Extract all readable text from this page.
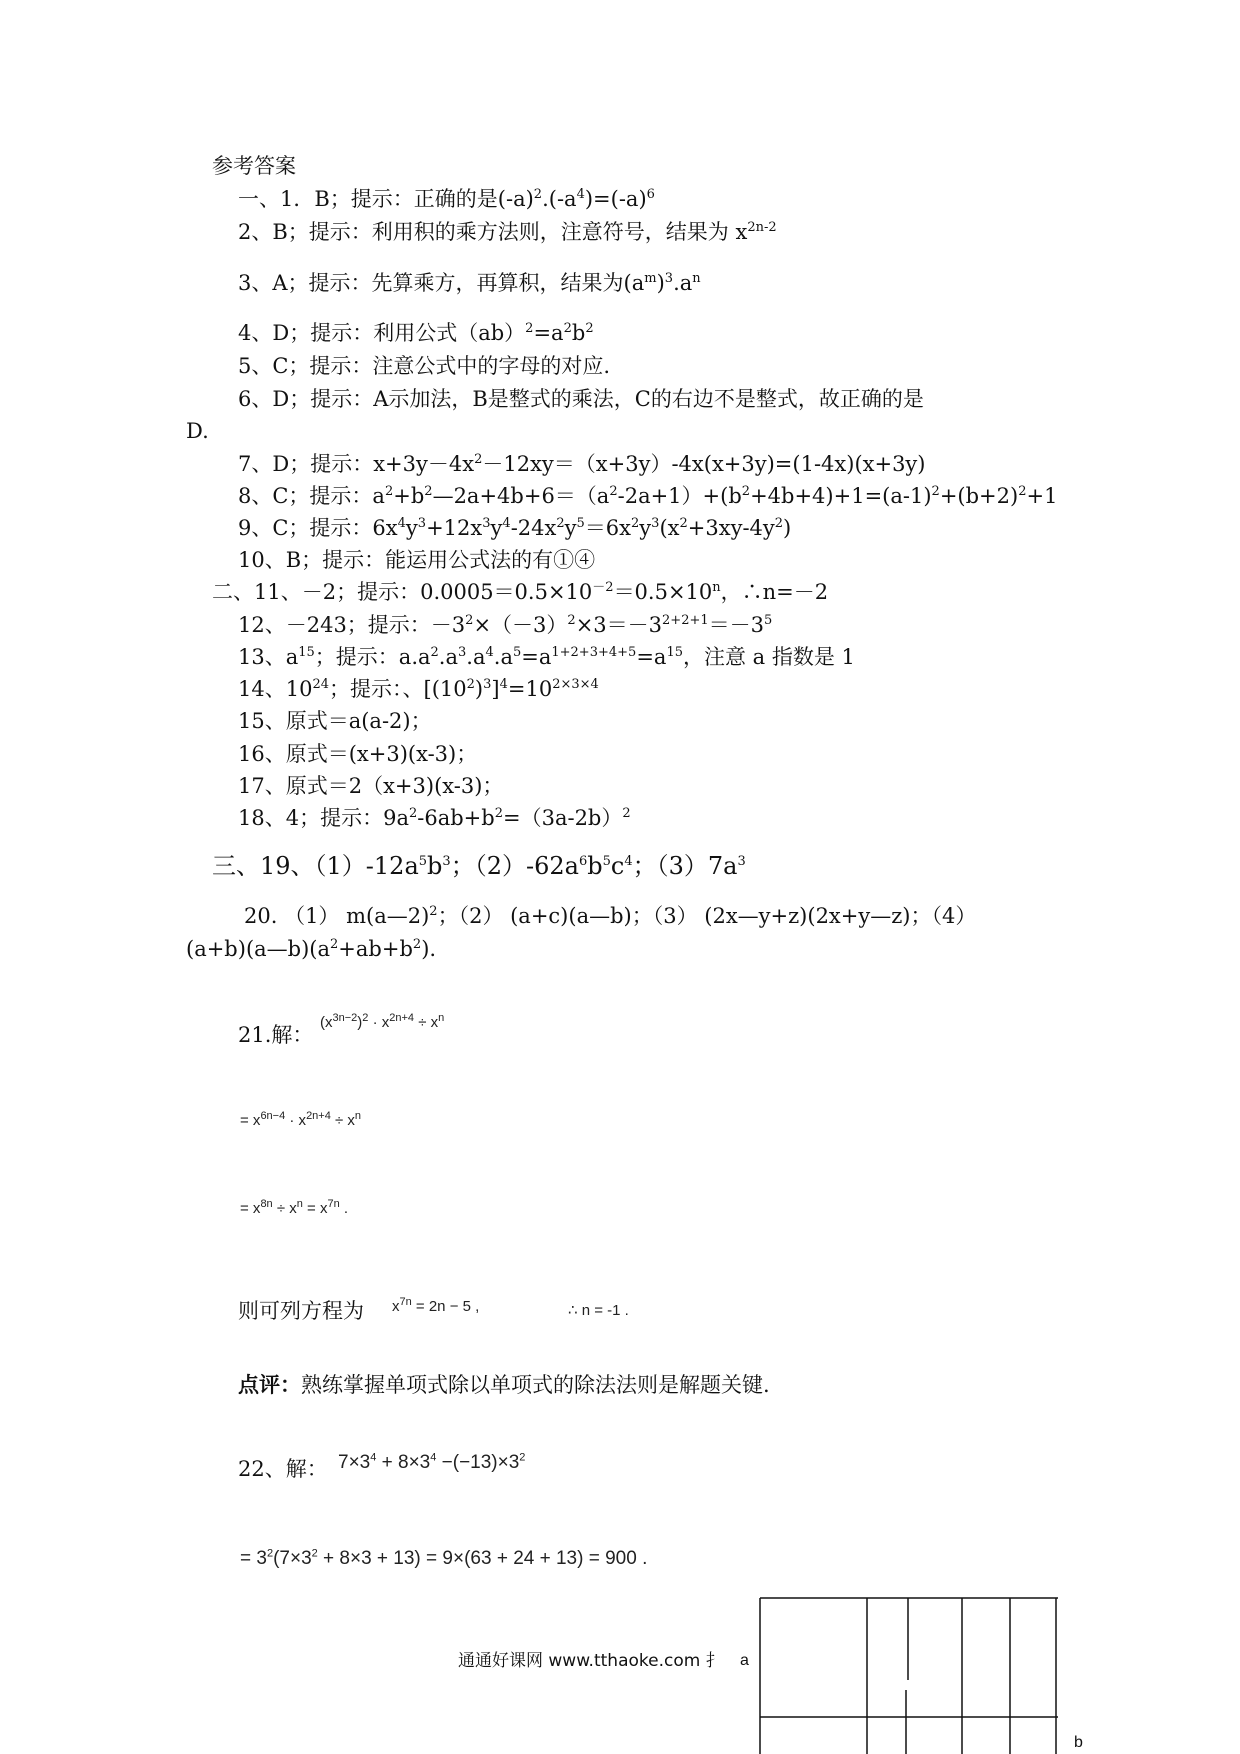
参考答案
一、1．B；提示：正确的是$(-a)^2.(-a^4)=(-a)^6$
2、B；提示：利用积的乘方法则，注意符号，结果为 $x^{2n-2}$
3、A；提示：先算乘方，再算积，结果为$(a^m)^3.a^n$
4、D；提示：利用公式$(ab)^2=a^2b^2$
5、C；提示：注意公式中的字母的对应.
6、D；提示：A示加法，B是整式的乘法，C的右边不是整式，故正确的是
D.
7、D；提示：$x+3y-4x^2-12xy=(x+3y)-4x(x+3y)=(1-4x)(x+3y)$
8、C；提示：$a^2+b^2—2a+4b+6=(a^2-2a+1)+(b^2+4b+4)+1=(a-1)^2+(b+2)^2+1$
9、C；提示：$6x^4y^3+12x^3y^4-24x^2y^5=6x^2y^3(x^2+3xy-4y^2)$
10、B；提示：能运用公式法的有①④
二、11、－2；提示：$0.0005=0.5\times 10^{-2}=0.5\times 10^n$，∴n=－2
12、－243；提示：$-3^2\times(-3)^2\times 3=-3^{2+2+1}=-3^5$
13、$a^{15}$；提示：$a.a^2.a^3.a^4.a^5=a^{1+2+3+4+5}=a^{15}$，注意 a 指数是 1
14、$10^{24}$；提示：、$[(10^2)^3]^4=10^{2\times 3\times 4}$
15、原式＝a(a-2)；
16、原式＝(x+3)(x-3)；
17、原式＝2（x+3)(x-3)；
18、4；提示：$9a^2-6ab+b^2=(3a-2b)^2$
三、19、$(1)-12a^5b^3$；$(2)-62a^6b^5c^4$；$(3)7a^3$
20. （1） m(a—2)$^2$；（2） (a+c)(a—b)；（3） (2x—y+z)(2x+y—z)；（4）
$(a+b)(a—b)(a^2+ab+b^2)$.
21.解：
$(x^{3n-2})^2 \cdot x^{2n+4} \div x^n$
= $x^{6n-4} \cdot x^{2n+4} \div x^n$
= $x^{8n} \div x^n = x^{7n}$ .
则可列方程为 $x^{7n} = 2n - 5$ ,	∴ n = -1 .
点评：熟练掌握单项式除以单项式的除法法则是解题关键.
22、解： $7\times 3^4 + 8\times 3^4 -(-13)\times 3^2$
= $3^2(7\times 3^2 + 8\times 3 + 13) = 9\times(63 + 24 + 13) = 900$ .
通通好课网 www.tthaoke.com 扌 a
b
